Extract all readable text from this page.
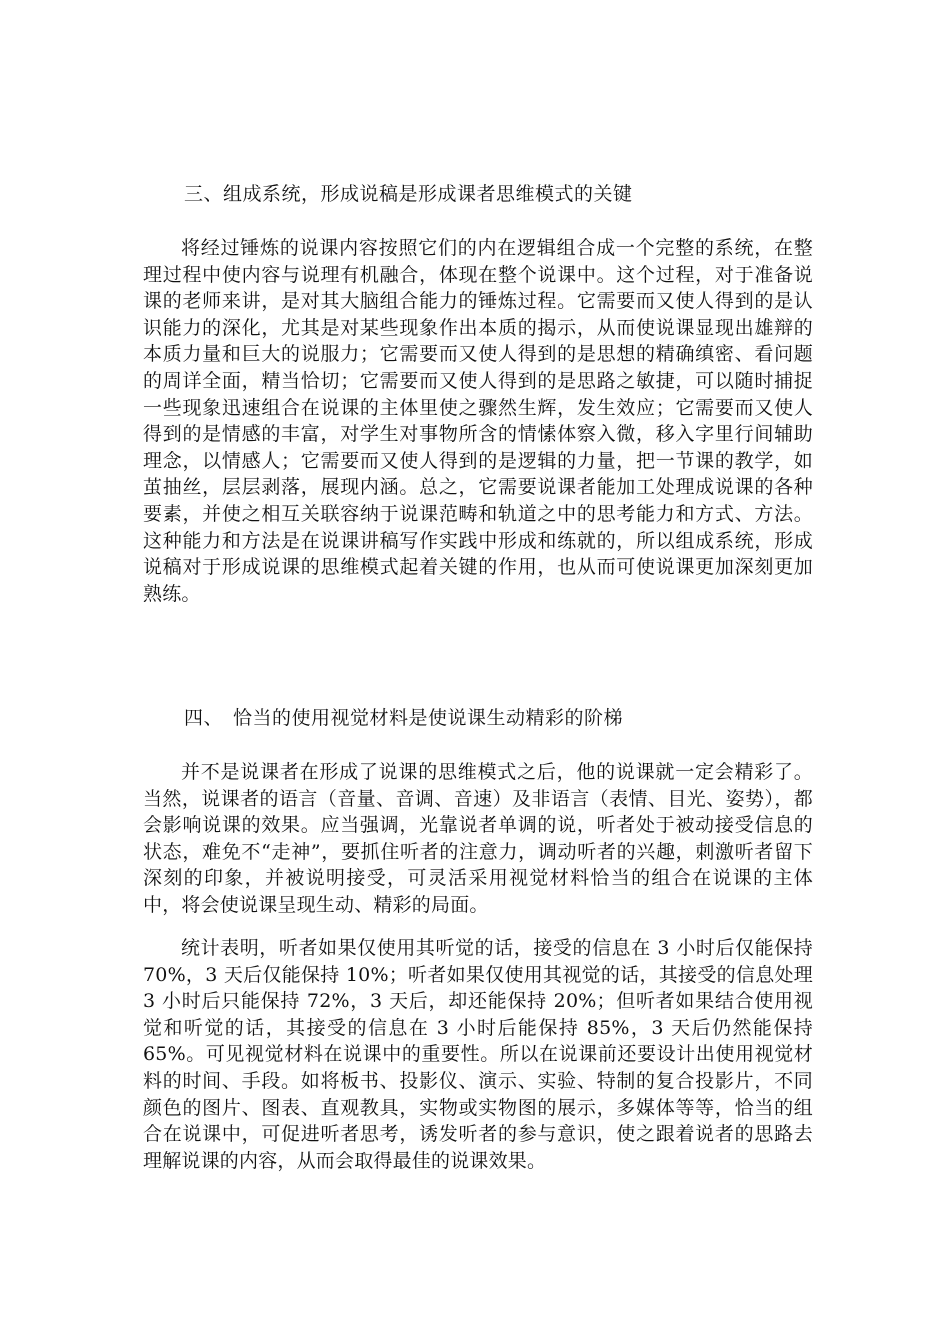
三、组成系统，形成说稿是形成课者思维模式的关键
将经过锤炼的说课内容按照它们的内在逻辑组合成一个完整的系统，在整理过程中使内容与说理有机融合，体现在整个说课中。这个过程，对于准备说课的老师来讲，是对其大脑组合能力的锤炼过程。它需要而又使人得到的是认识能力的深化，尤其是对某些现象作出本质的揭示，从而使说课显现出雄辩的本质力量和巨大的说服力；它需要而又使人得到的是思想的精确缜密、看问题的周详全面，精当恰切；它需要而又使人得到的是思路之敏捷，可以随时捕捉一些现象迅速组合在说课的主体里使之骤然生辉，发生效应；它需要而又使人得到的是情感的丰富，对学生对事物所含的情愫体察入微，移入字里行间辅助理念，以情感人；它需要而又使人得到的是逻辑的力量，把一节课的教学，如茧抽丝，层层剥落，展现内涵。总之，它需要说课者能加工处理成说课的各种要素，并使之相互关联容纳于说课范畴和轨道之中的思考能力和方式、方法。这种能力和方法是在说课讲稿写作实践中形成和练就的，所以组成系统，形成说稿对于形成说课的思维模式起着关键的作用，也从而可使说课更加深刻更加熟练。
四、　恰当的使用视觉材料是使说课生动精彩的阶梯
并不是说课者在形成了说课的思维模式之后，他的说课就一定会精彩了。当然，说课者的语言（音量、音调、音速）及非语言（表情、目光、姿势），都会影响说课的效果。应当强调，光靠说者单调的说，听者处于被动接受信息的状态，难免不“走神”，要抓住听者的注意力，调动听者的兴趣，刺激听者留下深刻的印象，并被说明接受，可灵活采用视觉材料恰当的组合在说课的主体中，将会使说课呈现生动、精彩的局面。
统计表明，听者如果仅使用其听觉的话，接受的信息在 3 小时后仅能保持 70%，3 天后仅能保持 10%；听者如果仅使用其视觉的话，其接受的信息处理 3 小时后只能保持 72%，3 天后，却还能保持 20%；但听者如果结合使用视觉和听觉的话，其接受的信息在 3 小时后能保持 85%，3 天后仍然能保持 65%。可见视觉材料在说课中的重要性。所以在说课前还要设计出使用视觉材料的时间、手段。如将板书、投影仪、演示、实验、特制的复合投影片，不同颜色的图片、图表、直观教具，实物或实物图的展示，多媒体等等，恰当的组合在说课中，可促进听者思考，诱发听者的参与意识，使之跟着说者的思路去理解说课的内容，从而会取得最佳的说课效果。
